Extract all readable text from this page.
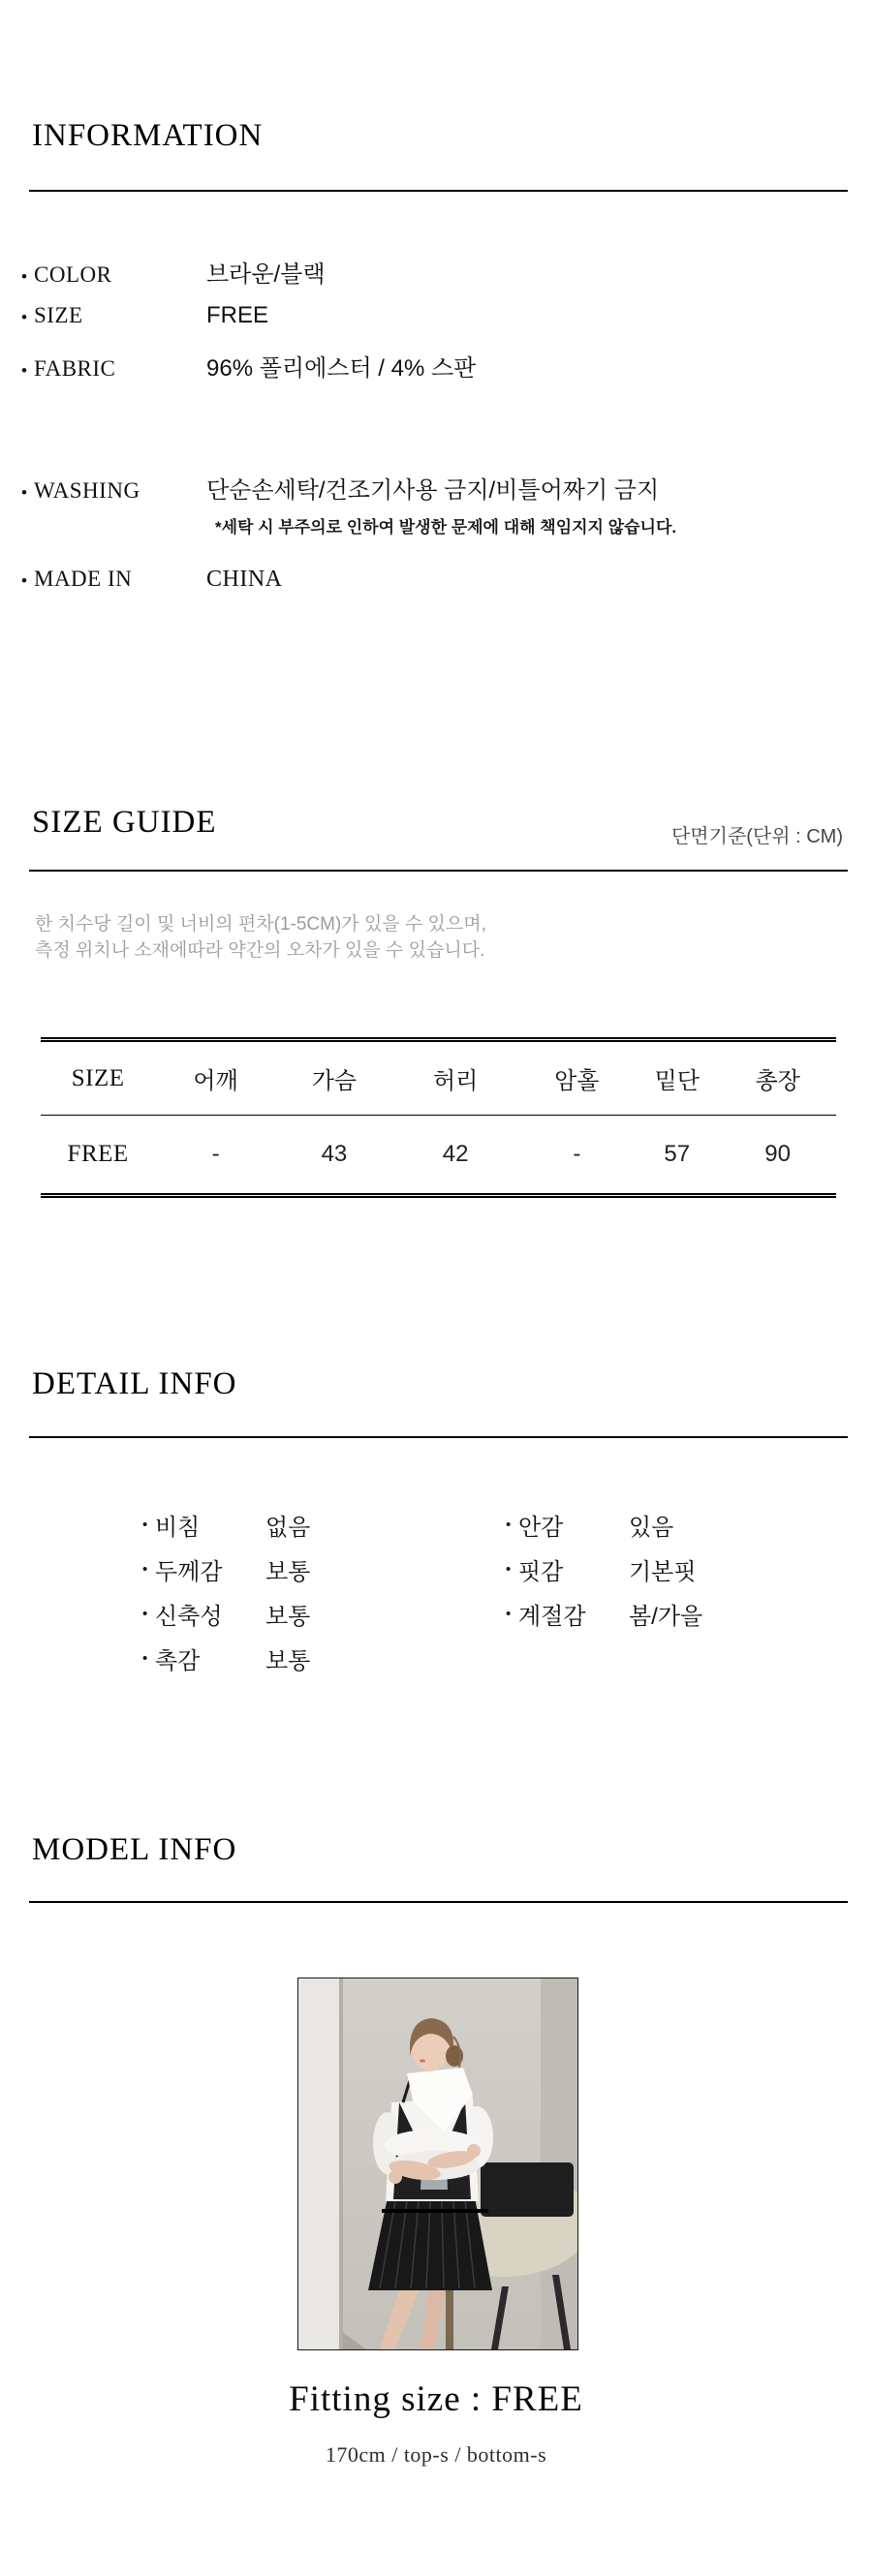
INFORMATION
• COLOR	브라운/블랙
• SIZE	FREE
• FABRIC	96% 폴리에스터 / 4% 스판
• WASHING	단순손세탁/건조기사용 금지/비틀어짜기 금지
*세탁 시 부주의로 인하여 발생한 문제에 대해 책임지지 않습니다.
• MADE IN	CHINA
SIZE GUIDE	단면기준(단위 : CM)
한 치수당 길이 및 너비의 편차(1-5CM)가 있을 수 있으며,
측정 위치나 소재에따라 약간의 오차가 있을 수 있습니다.
SIZE	어깨	가슴	허리	암홀	밑단	총장
FREE	-	43	42	-	57	90
DETAIL INFO
• 비침	없음
• 두께감	보통
• 신축성	보통
• 촉감	보통
• 안감	있음
• 핏감	기본핏
• 계절감	봄/가을
MODEL INFO

Fitting size : FREE

170cm / top-s / bottom-s
